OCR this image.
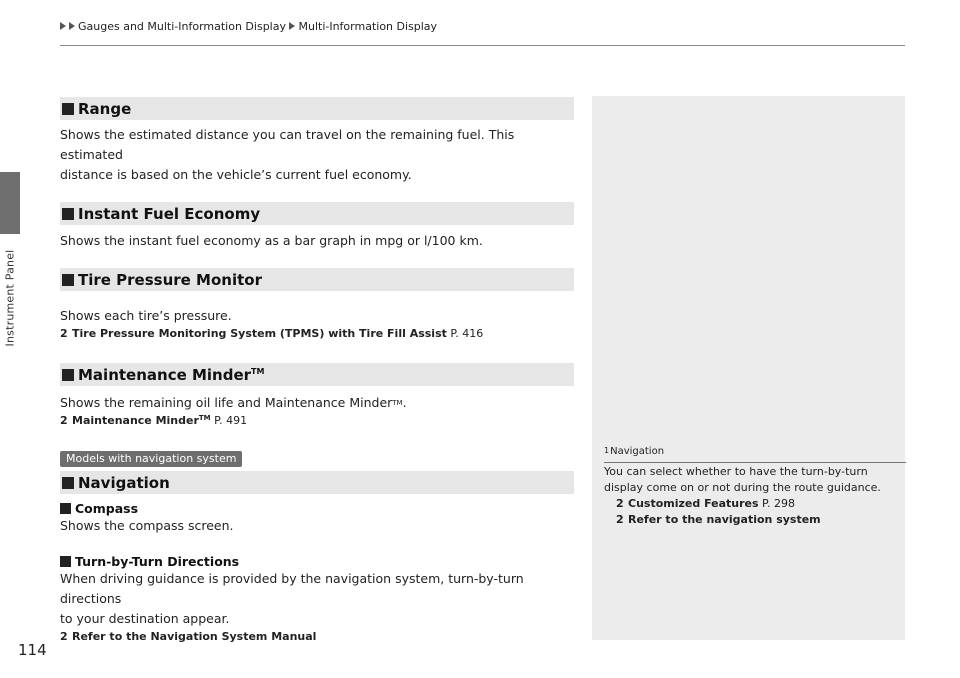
Instrument Panel
Gauges and Multi-Information Display Multi-Information Display
Range
Shows the estimated distance you can travel on the remaining fuel. This estimated
distance is based on the vehicle’s current fuel economy.
Instant Fuel Economy
Shows the instant fuel economy as a bar graph in mpg or l/100 km.
Tire Pressure Monitor
Shows each tire’s pressure.
2 Tire Pressure Monitoring System (TPMS) with Tire Fill Assist P. 416
Maintenance Minder™
Shows the remaining oil life and Maintenance Minder™.
2 Maintenance Minder™ P. 491
Models with navigation system
Navigation
Compass
Shows the compass screen.
Turn-by-Turn Directions
When driving guidance is provided by the navigation system, turn-by-turn directions
to your destination appear.
2 Refer to the Navigation System Manual
$^1$Navigation
You can select whether to have the turn-by-turn
display come on or not during the route guidance.
2 Customized Features P. 298
2 Refer to the navigation system
114
